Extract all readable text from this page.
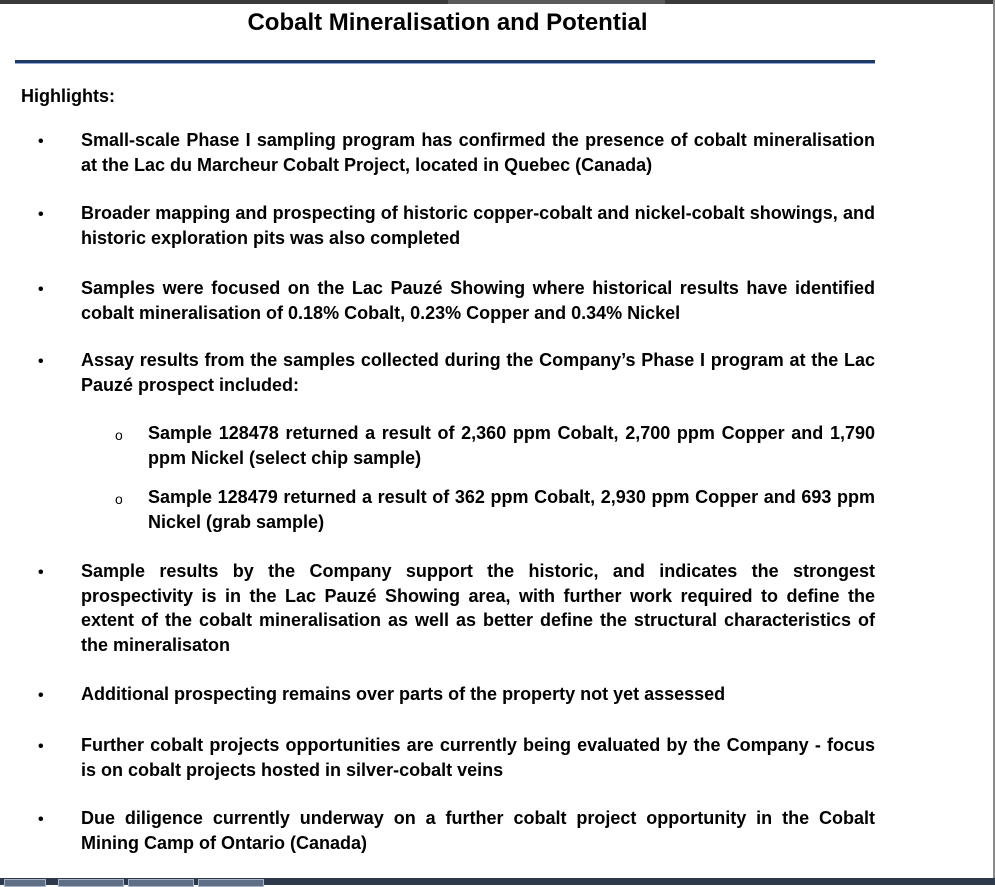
Cobalt Mineralisation and Potential
Highlights:
• Small-scale Phase I sampling program has confirmed the presence of cobalt mineralisation at the Lac du Marcheur Cobalt Project, located in Quebec (Canada)
• Broader mapping and prospecting of historic copper-cobalt and nickel-cobalt showings, and historic exploration pits was also completed
• Samples were focused on the Lac Pauzé Showing where historical results have identified cobalt mineralisation of 0.18% Cobalt, 0.23% Copper and 0.34% Nickel
• Assay results from the samples collected during the Company’s Phase I program at the Lac Pauzé prospect included:
o Sample 128478 returned a result of 2,360 ppm Cobalt, 2,700 ppm Copper and 1,790 ppm Nickel (select chip sample)
o Sample 128479 returned a result of 362 ppm Cobalt, 2,930 ppm Copper and 693 ppm Nickel (grab sample)
• Sample results by the Company support the historic, and indicates the strongest prospectivity is in the Lac Pauzé Showing area, with further work required to define the extent of the cobalt mineralisation as well as better define the structural characteristics of the mineralisaton
• Additional prospecting remains over parts of the property not yet assessed
• Further cobalt projects opportunities are currently being evaluated by the Company - focus is on cobalt projects hosted in silver-cobalt veins
• Due diligence currently underway on a further cobalt project opportunity in the Cobalt Mining Camp of Ontario (Canada)
